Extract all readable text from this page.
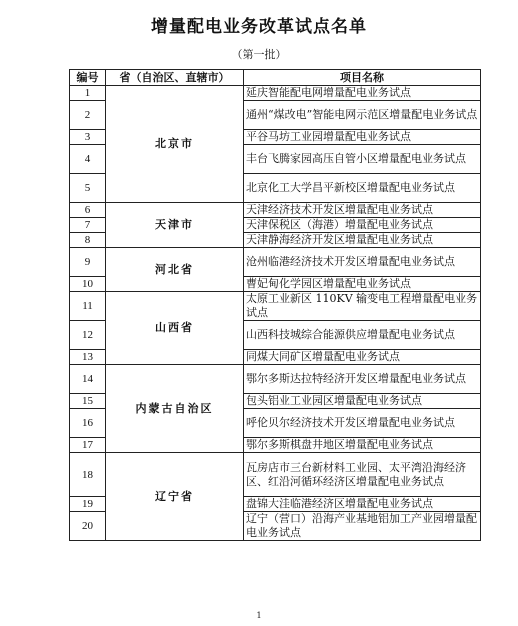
增量配电业务改革试点名单
（第一批）
编号	省（自治区、直辖市）	项目名称
1	北京市	延庆智能配电网增量配电业务试点
2		通州“煤改电”智能电网示范区增量配电业务试点
3		平谷马坊工业园增量配电业务试点
4		丰台飞腾家园高压自管小区增量配电业务试点
5		北京化工大学昌平新校区增量配电业务试点
6	天津市	天津经济技术开发区增量配电业务试点
7		天津保税区（海港）增量配电业务试点
8		天津静海经济开发区增量配电业务试点
9	河北省	沧州临港经济技术开发区增量配电业务试点
10		曹妃甸化学园区增量配电业务试点
11	山西省	太原工业新区 110KV 输变电工程增量配电业务试点
12		山西科技城综合能源供应增量配电业务试点
13		同煤大同矿区增量配电业务试点
14	内蒙古自治区	鄂尔多斯达拉特经济开发区增量配电业务试点
15		包头铝业工业园区增量配电业务试点
16		呼伦贝尔经济技术开发区增量配电业务试点
17		鄂尔多斯棋盘井地区增量配电业务试点
18	辽宁省	瓦房店市三台新材料工业园、太平湾沿海经济区、红沿河循环经济区增量配电业务试点
19		盘锦大洼临港经济区增量配电业务试点
20		辽宁（营口）沿海产业基地铝加工产业园增量配电业务试点
1
